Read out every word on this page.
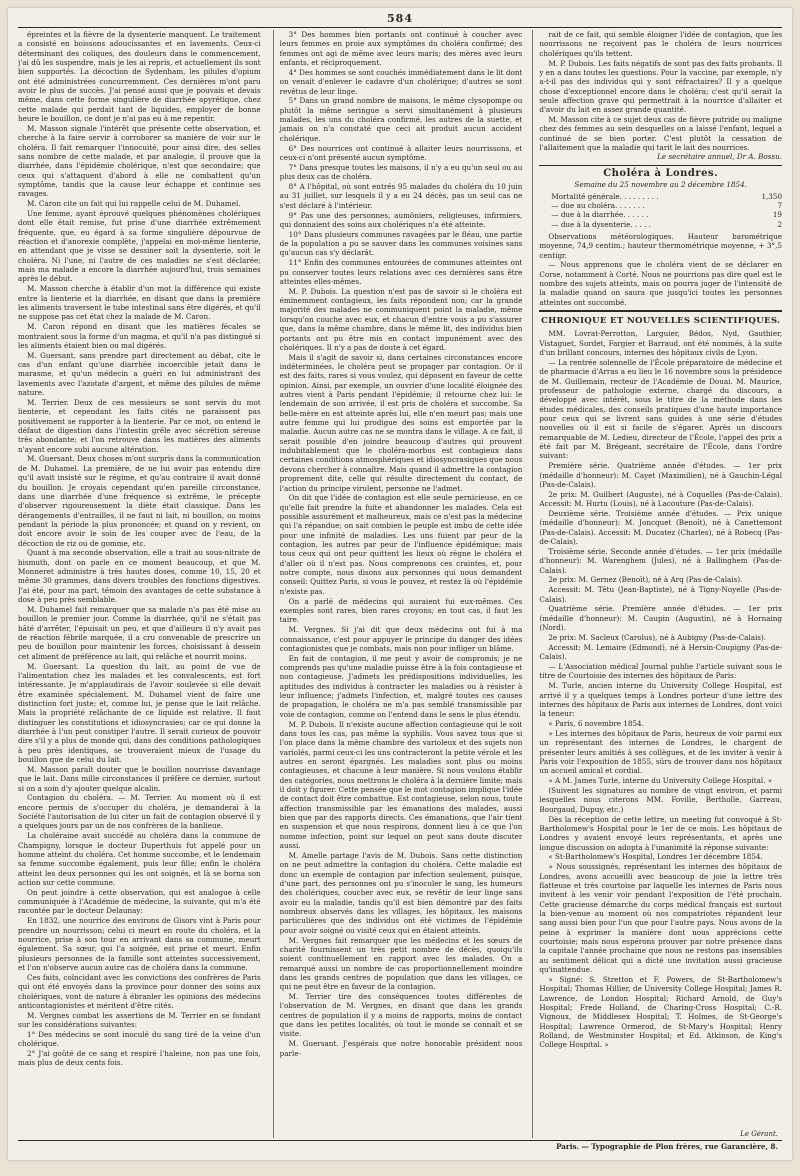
584

épreintes et la fièvre de la dysenterie manquent. Le traitement a consisté en boissons adoucissantes et en lavements. Ceux-ci déterminant des coliques, des douleurs dans le commencement, j'ai dû les suspendre, mais je les ai repris, et actuellement ils sont bien supportés. La décoction de Sydenham, les pilules d'opium ont été administrées concurremment. Ces dernières m'ont paru avoir le plus de succès. J'ai pensé aussi que je pouvais et devais même, dans cette forme singulière de diarrhée apyrétique, chez cette malade qui perdait tant de liquides, employer de bonne heure le bouillon, ce dont je n'ai pas eu à me repentir.

M. Masson signale l'intérêt que présente cette observation, et cherche à la faire servir à corroborer sa manière de voir sur le choléra. Il fait remarquer l'innocuité, pour ainsi dire, des selles sans nombre de cette malade, et par analogie, il prouve que la diarrhée, dans l'épidémie cholérique, n'est que secondaire; que ceux qui s'attaquent d'abord à elle ne combattent qu'un symptôme, tandis que la cause leur échappe et continue ses ravages.

M. Caron cite un fait qui lui rappelle celui de M. Duhamel.

Une femme, ayant éprouvé quelques phénomènes cholériques dont elle était remise, fut prise d'une diarrhée extrêmement fréquente, que, eu égard à sa forme singulière dépourvue de réaction et d'anorexie complète, j'appelai en moi-même lienterie, en attendant que je visse se dessiner soit la dysenterie, soit le choléra. Ni l'une, ni l'autre de ces maladies ne s'est déclarée; mais ma malade a encore la diarrhée aujourd'hui, trois semaines après le début.

M. Masson cherche à établir d'un mot la différence qui existe entre la lienterie et la diarrhée, en disant que dans la première les aliments traversent le tube intestinal sans être digérés, et qu'il ne suppose pas cet état chez la malade de M. Caron.

M. Caron répond en disant que les matières fécales se montraient sous la forme d'un magma, et qu'il n'a pas distingué si les aliments étaient bien ou mal digérés.

M. Guersant, sans prendre part directement au débat, cite le cas d'un enfant qu'une diarrhée incoercible jetait dans le marasme, et qu'un médecin a guéri en lui administrant des lavements avec l'azotate d'argent, et même des pilules de même nature.

M. Terrier. Deux de ces messieurs se sont servis du mot lienterie, et cependant les faits cités ne paraissent pas positivement se rapporter à la lienterie. Par ce mot, on entend le défaut de digestion dans l'intestin grêle avec sécrétion séreuse très abondante; et l'on retrouve dans les matières des aliments n'ayant encore subi aucune altération.

M. Guersant. Deux choses m'ont surpris dans la communication de M. Duhamel. La première, de ne lui avoir pas entendu dire qu'il avait insisté sur le régime, et qu'au contraire il avait donné du bouillon. Je croyais cependant qu'en pareille circonstance, dans une diarrhée d'une fréquence si extrême, le précepte d'observer rigoureusement la diète était classique. Dans les dérangements d'entrailles, il ne faut ni lait, ni bouillon, ou moins pendant la période la plus prononcée; et quand on y revient, on doit encore avoir le soin de les couper avec de l'eau, de la décoction de riz ou de gomme, etc.

Quant à ma seconde observation, elle a trait au sous-nitrate de bismuth, dont on parle en ce moment beaucoup, et que M. Monneret administre à très hautes doses, comme 10, 15, 20 et même 30 grammes, dans divers troubles des fonctions digestives. J'ai été, pour ma part, témoin des avantages de cette substance à dose à peu près semblable.

M. Duhamel fait remarquer que sa malade n'a pas été mise au bouillon le premier jour. Comme la diarrhée, qu'il ne s'était pas hâté d'arrêter, l'épuisait un peu, et que d'ailleurs il n'y avait pas de réaction fébrile marquée, il a cru convenable de prescrire un peu de bouillon pour maintenir les forces, choisissant à dessein cet aliment de préférence au lait, qui relâche et nourrit moins.

M. Guersant. La question du lait, au point de vue de l'alimentation chez les malades et les convalescents, est fort intéressante. Je m'applaudirais de l'avoir soulevée si elle devait être examinée spécialement. M. Duhamel vient de faire une distinction fort juste; et, comme lui, je pense que le lait relâche. Mais la propriété relâchante de ce liquide est relative. Il faut distinguer les constitutions et idiosyncrasies; car ce qui donne la diarrhée à l'un peut constiper l'autre. Il serait curieux de pouvoir dire s'il y a plus de monde qui, dans des conditions pathologiques à peu près identiques, se trouveraient mieux de l'usage du bouillon que de celui du lait.

M. Masson paraît douter que le bouillon nourrisse davantage que le lait. Dans mille circonstances il préfère ce dernier, surtout si on a soin d'y ajouter quelque alcalin.

Contagion du choléra. — M. Terrier. Au moment où il est encore permis de s'occuper du choléra, je demanderai à la Société l'autorisation de lui citer un fait de contagion observé il y a quelques jours par un de nos confrères de la banlieue.

La choléraine avait succédé au choléra dans la commune de Champigny, lorsque le docteur Duperthuis fut appelé pour un homme atteint du choléra. Cet homme succombe, et le lendemain sa femme succombe également, puis leur fille; enfin le choléra atteint les deux personnes qui les ont soignés, et là se borna son action sur cette commune.

On peut joindre à cette observation, qui est analogue à celle communiquée à l'Académie de médecine, la suivante, qui m'a été racontée par le docteur Delaunay:

En 1832, une nourrice des environs de Gisors vint à Paris pour prendre un nourrisson; celui ci meurt en route du choléra, et la nourrice, prise à son tour en arrivant dans sa commune, meurt également. Sa sœur, qui l'a soignée, est prise et meurt. Enfin plusieurs personnes de la famille sont atteintes successivement, et l'on n'observe aucun autre cas de choléra dans la commune.

Ces faits, coïncidant avec les convictions des confrères de Paris qui ont été envoyés dans la province pour donner des soins aux cholériques, vont de nature à ébranler les opinions des médecins anticontagionistes et méritent d'être cités.

M. Vergnes combat les assertions de M. Terrier en se fondant sur les considérations suivantes:

1° Des médecins se sont inoculé du sang tiré de la veine d'un cholérique.

2° J'ai goûté de ce sang et respiré l'haleine, non pas une fois, mais plus de deux cents fois.

3° Des hommes bien portants ont continué à coucher avec leurs femmes en proie aux symptômes du choléra confirmé; des femmes ont agi de même avec leurs maris; des mères avec leurs enfants, et réciproquement.

4° Des hommes se sont couchés immédiatement dans le lit dont on venait d'enlever le cadavre d'un cholérique; d'autres se sont revêtus de leur linge.

5° Dans un grand nombre de maisons, le même clysopompe ou plutôt la même seringue a servi simultanément à plusieurs malades, les uns du choléra confirmé, les autres de la suette, et jamais on n'a constaté que ceci ait produit aucun accident cholérique.

6° Des nourrices ont continué à allaiter leurs nourrissons, et ceux-ci n'ont présenté aucun symptôme.

7° Dans presque toutes les maisons, il n'y a eu qu'un seul ou au plus deux cas de choléra.

8° A l'hôpital, où sont entrés 95 malades du choléra du 10 juin au 31 juillet, sur lesquels il y a eu 24 décès, pas un seul cas ne s'est déclaré à l'intérieur.

9° Pas une des personnes, aumôniers, religieuses, infirmiers, qui donnaient des soins aux cholériques n'a été atteinte.

10° Dans plusieurs communes ravagées par le fléau, une partie de la population a pu se sauver dans les communes voisines sans qu'aucun cas s'y déclarât.

11° Enfin des communes entourées de communes atteintes ont pu conserver toutes leurs relations avec ces dernières sans être atteintes elles-mêmes.

M. P. Dubois. La question n'est pas de savoir si le choléra est éminemment contagieux, les faits répondent non; car la grande majorité des malades ne communiquent point la maladie, même lorsqu'on couche avec eux, et chacun d'entre vous a pu s'assurer que, dans la même chambre, dans le même lit, des individus bien portants ont pu être mis en contact impunément avec des cholériques. Il n'y a pas de doute à cet égard.

Mais il s'agit de savoir si, dans certaines circonstances encore indéterminées, le choléra peut se propager par contagion. Or il est des faits, rares si vous voulez, qui déposent en faveur de cette opinion. Ainsi, par exemple, un ouvrier d'une localité éloignée des autres vient à Paris pendant l'épidémie; il retourne chez lui: le lendemain de son arrivée, il est pris de choléra et succombe. Sa belle-mère en est atteinte après lui, elle n'en meurt pas; mais une autre femme qui lui prodigue des soins est emportée par la maladie. Aucun autre cas ne se montra dans le village. A ce fait, il serait possible d'en joindre beaucoup d'autres qui prouvent indubitablement que le choléra-morbus est contagieux dans certaines conditions atmosphériques et idiosyncrasiques que nous devons chercher à connaître. Mais quand il admettre la contagion proprement dite, celle qui résulte directement du contact, de l'action du principe virulent, personne ne l'admet.

On dit que l'idée de contagion est elle seule pernicieuse, en ce qu'elle fait prendre la fuite et abandonner les malades. Cela est possible assurément et malheureux, mais ce n'est pas la médecine qui l'a répandue; on sait combien le peuple est imbu de cette idée pour une infinité de maladies. Les uns fuient par peur de la contagion, les autres par peur de l'influence épidémique; mais tous ceux qui ont peur quittent les lieux où règne le choléra et d'aller où il n'est pas. Nous comprenons ces craintes, et, pour notre compte, nous disons aux personnes qui nous demandent conseil: Quittez Paris, si vous le pouvez, et restez là où l'épidémie n'existe pas.

On a parlé de médecins qui auraient fui eux-mêmes. Ces exemples sont rares, bien rares croyons; en tout cas, il faut les taire.

M. Vergnes. Si j'ai dit que deux médecins ont fui à ma connaissance, c'est pour appuyer le principe du danger des idées contagionistes que je combats, mais non pour infliger un blâme.

En fait de contagion, il me peut y avoir de compromis; je ne comprends pas qu'une maladie puisse être à la fois contagieuse et non contagieuse. J'admets les prédispositions individuelles, les aptitudes des individus à contracter les maladies ou à résister à leur influence; j'admets l'infection, et, malgré toutes ces causes de propagation, le choléra ne m'a pas semblé transmissible par voie de contagion, comme on l'entend dans le sens le plus étendu.

M. P. Dubois. Il n'existe aucune affection contagieuse qui le soit dans tous les cas, pas même la syphilis. Vous savez tous que si l'on place dans la même chambre des varioleux et des sujets non variolés, parmi ceux-ci les uns contracteront la petite vérole et les autres en seront épargnés. Les maladies sont plus ou moins contagieuses, et chacune à leur manière. Si nous voulons établir des catégories, nous mettrons le choléra à la dernière limite; mais il doit y figurer. Cette pensée que le mot contagion implique l'idée de contact doit être combattue. Est contagieuse, selon nous, toute affection transmissible par les émanations des malades, aussi bien que par des rapports directs. Ces émanations, que l'air tient en suspension et que nous respirons, donnent lieu à ce que l'on nomme infection, point sur lequel on peut sans doute discuter aussi.

M. Amelle partage l'avis de M. Dubois. Sans cette distinction on ne peut admettre la contagion du choléra. Cette maladie est donc un exemple de contagion par infection seulement, puisque, d'une part, des personnes ont pu s'inoculer le sang, les humeurs des cholériques, coucher avec eux, se revêtir de leur linge sans avoir eu la maladie, tandis qu'il est bien démontré par des faits nombreux observés dans les villages, les hôpitaux, les maisons particulières que des individus ont été victimes de l'épidémie pour avoir soigné ou visité ceux qui en étaient atteints.

M. Vergnes fait remarquer que les médecins et les sœurs de charité fournissent un très petit nombre de décès, quoiqu'ils soient continuellement en rapport avec les malades. On a remarqué aussi un nombre de cas proportionnellement moindre dans les grands centres de population que dans les villages, ce qui ne peut être en faveur de la contagion.

M. Terrier tire des conséquences toutes différentes de l'observation de M. Vergnes, en disant que dans les grands centres de population il y a moins de rapports, moins de contact que dans les petites localités, où tout le monde se connaît et se visite.

M. Guersant. J'espérais que notre honorable président nous parle-

rait de ce fait, qui semble éloigner l'idée de contagion, que les nourrissons ne reçoivent pas le choléra de leurs nourrices cholériques qu'ils tettent.

M. P. Dubois. Les faits négatifs de sont pas des faits probants. Il y en a dans toutes les questions. Pour la vaccine, par exemple, n'y a-t-il pas des individus qui y sont réfractaires? Il y a quelque chose d'exceptionnel encore dans le choléra; c'est qu'il serait la seule affection grave qui permettrait à la nourrice d'allaiter et d'avoir du lait en assez grande quantité.

M. Masson cite à ce sujet deux cas de fièvre putride ou maligne chez des femmes au sein desquelles on a laissé l'enfant, lequel a continué de se bien porter. C'est plutôt la cessation de l'allaitement que la maladie qui tarit le lait des nourrices.

Le secrétaire annuel, Dr A. Bossu.

Choléra à Londres.
Semaine du 25 novembre au 2 décembre 1854.
Mortalité générale. . . . . . . . .	1,350
— due au choléra. . . . . . .	7
— due à la diarrhée. . . . . .	19
— due à la dysenterie. . . . .	2

Observations météorologiques. Hauteur barométrique moyenne, 74,9 centim.; hauteur thermométrique moyenne, + 3°,5 centigr.

— Nous apprenons que le choléra vient de se déclarer en Corse, notamment à Corté. Nous ne pourrions pas dire quel est le nombre des sujets atteints, mais on pourra juger de l'intensité de la maladie quand on saura que jusqu'ici toutes les personnes atteintes ont succombé.

CHRONIQUE ET NOUVELLES SCIENTIFIQUES.

MM. Lovrat-Perrotton, Larguier, Bédos, Nyd, Gauthier, Vistaguet, Sordet, Fargier et Barraud, ont été nommés, à la suite d'un brillant concours, internes des hôpitaux civils de Lyon.

— La rentrée solennelle de l'École préparatoire de médecine et de pharmacie d'Arras a eu lieu le 16 novembre sous la présidence de M. Guillemain, recteur de l'Académie de Douai. M. Maurice, professeur de pathologie externe, chargé du discours, a développé avec intérêt, sous le titre de la méthode dans les études médicales, des conseils pratiques d'une haute importance pour ceux qui se livrent sans guides à une série d'études nouvelles où il est si facile de s'égarer. Après un discours remarquable de M. Ledieu, directeur de l'École, l'appel des prix a été fait par M. Brégeant, secrétaire de l'École, dans l'ordre suivant:

Première série. Quatrième année d'études. — 1er prix (médaille d'honneur): M. Cayet (Maximilien), né à Gauchin-Légal (Pas-de-Calais).

2e prix: M. Guilbert (Auguste), né à Coquelles (Pas-de-Calais). Accessit: M. Hurtu (Louis), né à Lacouture (Pas-de-Calais).

Deuxième série. Troisième année d'études. — Prix unique (médaille d'honneur): M. Joncquet (Benoît), né à Canettemont (Pas-de-Calais). Accessit: M. Ducatez (Charles), né à Robecq (Pas-de-Calais).

Troisième série. Seconde année d'études. — 1er prix (médaille d'honneur): M. Warenghem (Jules), né à Ballinghem (Pas-de-Calais).

2e prix: M. Gernez (Benoît), né à Arq (Pas-de-Calais).

Accessit: M. Têtu (Jean-Baptiste), né à Tigny-Noyelle (Pas-de-Calais).

Quatrième série. Première année d'études. — 1er prix (médaille d'honneur): M. Caupin (Augustin), né à Hornaing (Nord).

2e prix: M. Sacleux (Carolus), né à Aubigny (Pas-de-Calais).

Accessit: M. Lemaire (Edmond), né à Hersin-Coupigny (Pas-de-Calais).

— L'Association médical Journal publie l'article suivant sous le titre de Courtoisie des internes des hôpitaux de Paris:

M. Turle, ancien interne du University College Hospital, est arrivé il y a quelques temps à Londres porteur d'une lettre des internes des hôpitaux de Paris aux internes de Londres, dont voici la teneur:

« Paris, 6 novembre 1854.

» Les internes des hôpitaux de Paris, heureux de voir parmi eux un représentant des internes de Londres, le chargent de présenter leurs amitiés à ses collègues, et de les inviter à venir à Paris voir l'exposition de 1855, sûrs de trouver dans nos hôpitaux un accueil amical et cordial.

» A M. James Turle, interne du University College Hospital. »

(Suivent les signatures au nombre de vingt environ, et parmi lesquelles nous citerons MM. Foville, Bertholle, Garreau, Bourgaud, Dupuy, etc.)

Dès la réception de cette lettre, un meeting fut convoqué à St-Bartholomew's Hospital pour le 1er de ce mois. Les hôpitaux de Londres y avaient envoyé leurs représentants, et après une longue discussion on adopta à l'unanimité la réponse suivante:

« St-Bartholomew's Hospital, Londres 1er décembre 1854.

» Nous soussignés, représentant les internes des hôpitaux de Londres, avons accueilli avec beaucoup de joie la lettre très flatteuse et très courtoise par laquelle les internes de Paris nous invitent à les venir voir pendant l'exposition de l'été prochain. Cette gracieuse démarche du corps médical français est surtout la bien-venue au moment où nos compatriotes répandent leur sang aussi bien pour l'un que pour l'autre pays. Nous avons de la peine à exprimer la manière dont nous apprécions cette courtoisie; mais nous espérons prouver par notre présence dans la capitale l'année prochaine que nous ne restons pas insensibles au sentiment délicat qui a dicté une invitation aussi gracieuse qu'inattendue.

» Signé: S. Stretton et F. Powers, de St-Bartholomew's Hospital; Thomas Hillier, de University College Hospital; James R. Lawrence, de London Hospital; Richard Arnold, de Guy's Hospital; Frede Holland, de Charing-Cross Hospital; C.-R. Vignoux, de Middlesex Hospital; T. Holmes, de St-George's Hospital; Lawrence Ormerod, de St-Mary's Hospital; Henry Rolland, de Westminster Hospital; et Ed. Atkinson, de King's College Hospital. »

Le Gérant.
Paris. — Typographie de Plon frères, rue Garancière, 8.
